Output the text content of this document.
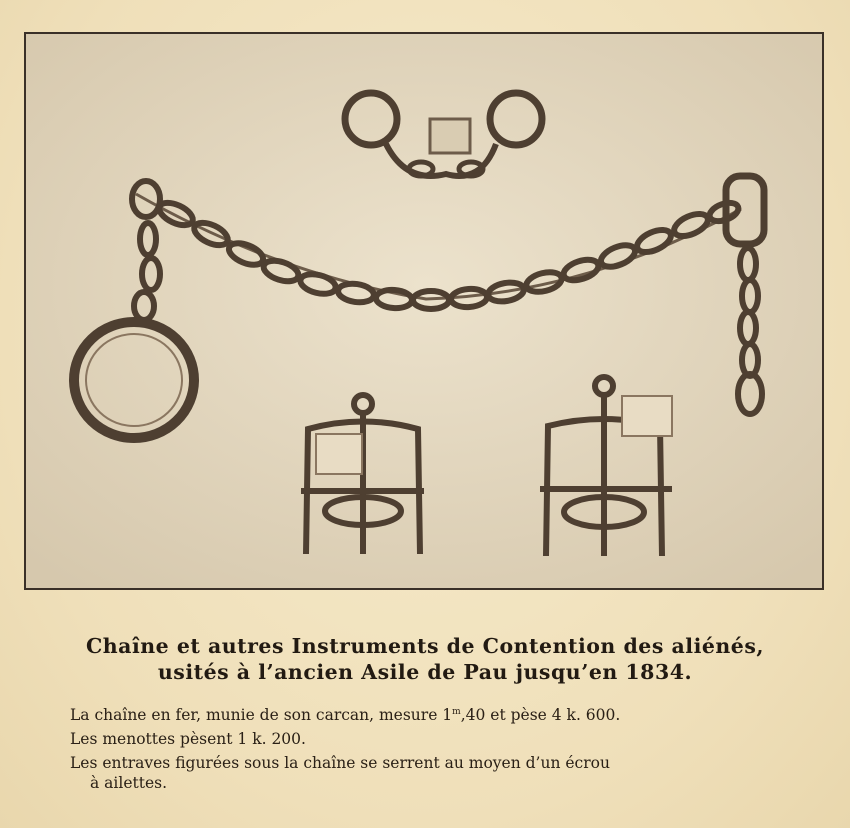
Chaîne et autres Instruments de Contention des aliénés,
usités à l’ancien Asile de Pau jusqu’en 1834.
La chaîne en fer, munie de son carcan, mesure 1$^m$,40 et pèse 4 k. 600.
Les menottes pèsent 1 k. 200.
Les entraves figurées sous la chaîne se serrent au moyen d’un écrou
à ailettes.
